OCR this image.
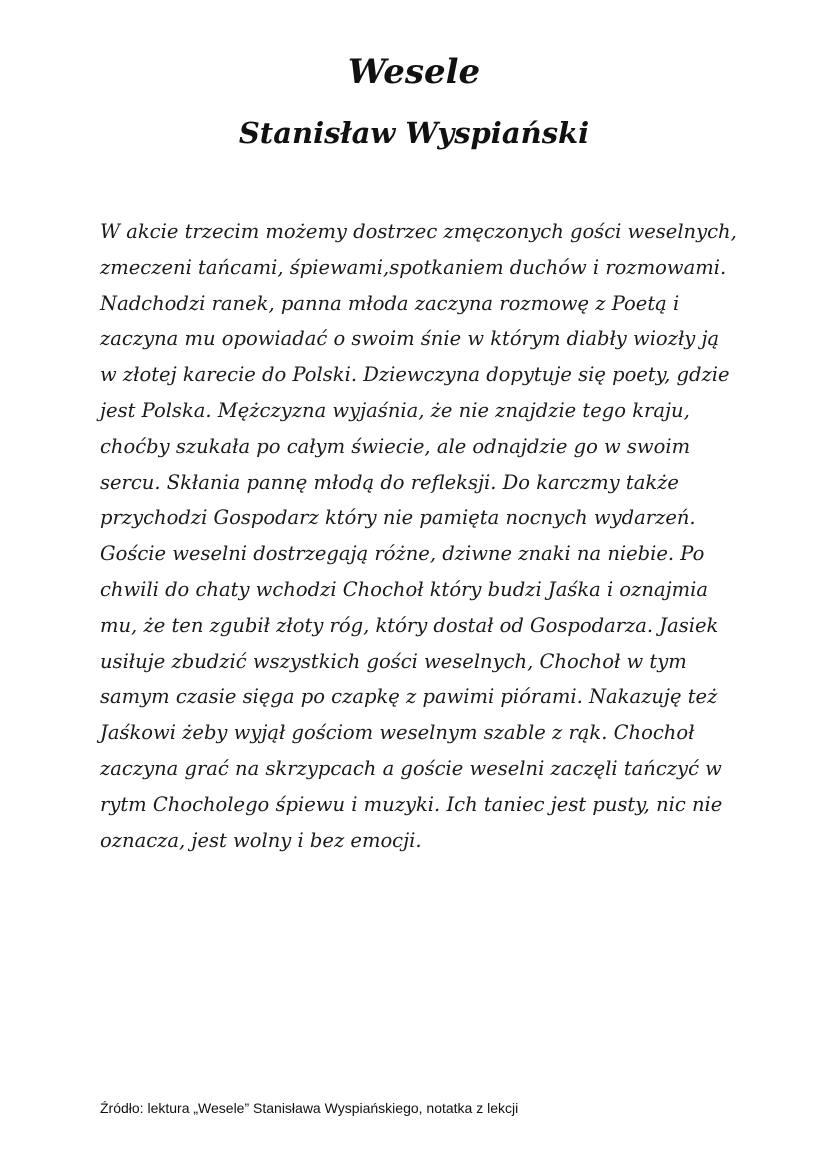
Wesele
Stanisław Wyspiański
W akcie trzecim możemy dostrzec zmęczonych gości weselnych,
zmeczeni tańcami, śpiewami,spotkaniem duchów i rozmowami.
Nadchodzi ranek, panna młoda zaczyna rozmowę z Poetą i
zaczyna mu opowiadać o swoim śnie w którym diabły wiozły ją
w złotej karecie do Polski. Dziewczyna dopytuje się poety, gdzie
jest Polska. Mężczyzna wyjaśnia, że nie znajdzie tego kraju,
choćby szukała po całym świecie, ale odnajdzie go w swoim
sercu. Skłania pannę młodą do refleksji. Do karczmy także
przychodzi Gospodarz który nie pamięta nocnych wydarzeń.
Goście weselni dostrzegają różne, dziwne znaki na niebie. Po
chwili do chaty wchodzi Chochoł który budzi Jaśka i oznajmia
mu, że ten zgubił złoty róg, który dostał od Gospodarza. Jasiek
usiłuje zbudzić wszystkich gości weselnych, Chochoł w tym
samym czasie sięga po czapkę z pawimi piórami. Nakazuję też
Jaśkowi żeby wyjął gościom weselnym szable z rąk. Chochoł
zaczyna grać na skrzypcach a goście weselni zaczęli tańczyć w
rytm Chocholego śpiewu i muzyki. Ich taniec jest pusty, nic nie
oznacza, jest wolny i bez emocji.

Źródło: lektura „Wesele” Stanisława Wyspiańskiego, notatka z lekcji
